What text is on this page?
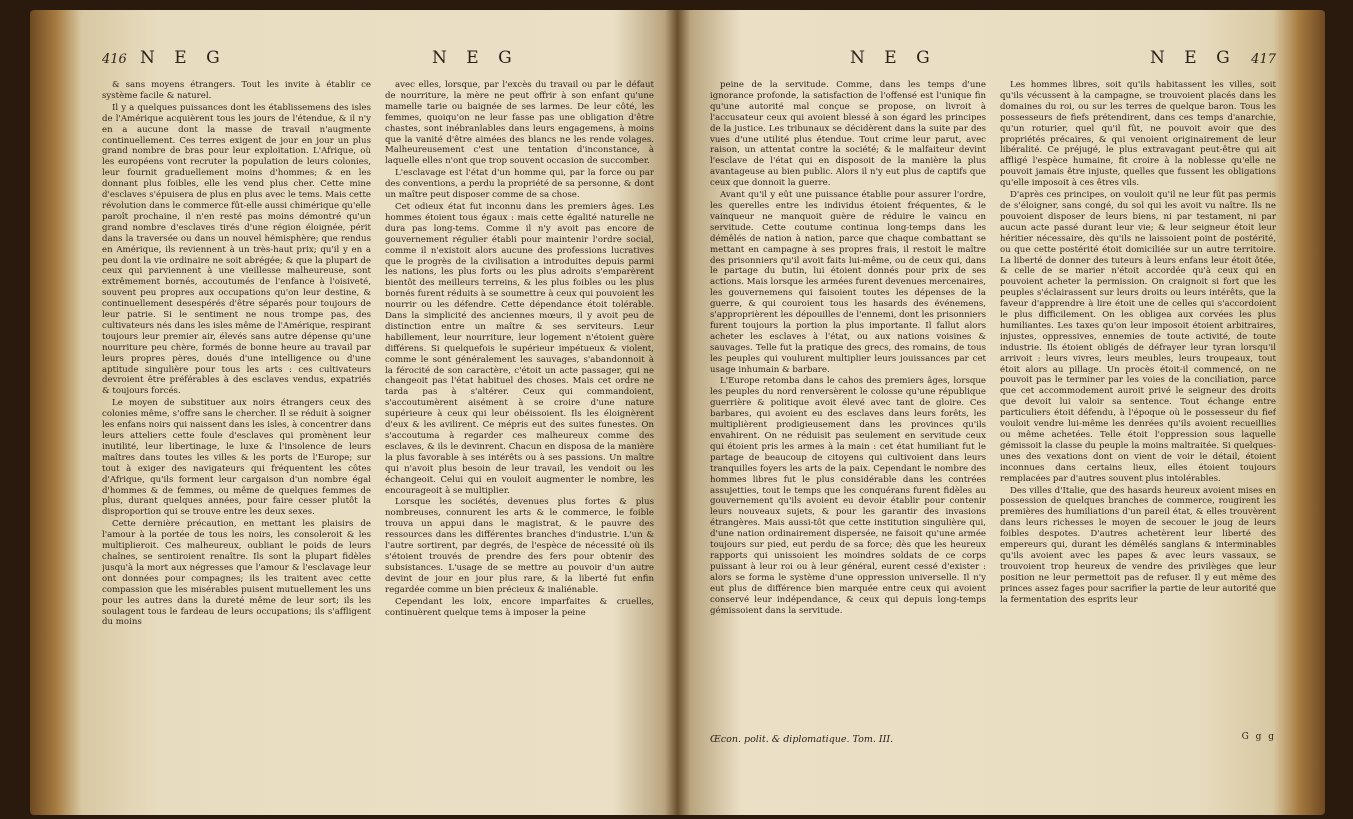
416 N E G	N E G

& sans moyens étrangers. Tout les invite à établir ce système facile & naturel.

Il y a quelques puissances dont les établissemens des isles de l'Amérique acquièrent tous les jours de l'étendue, & il n'y en a aucune dont la masse de travail n'augmente continuellement. Ces terres exigent de jour en jour un plus grand nombre de bras pour leur exploitation. L'Afrique, où les européens vont recruter la population de leurs colonies, leur fournit graduellement moins d'hommes; & en les donnant plus foibles, elle les vend plus cher. Cette mine d'esclaves s'épuisera de plus en plus avec le tems. Mais cette révolution dans le commerce fût-elle aussi chimérique qu'elle paroît prochaine, il n'en resté pas moins démontré qu'un grand nombre d'esclaves tirés d'une région éloignée, périt dans la traversée ou dans un nouvel hémisphère; que rendus en Amérique, ils reviennent à un très-haut prix; qu'il y en a peu dont la vie ordinaire ne soit abrégée; & que la plupart de ceux qui parviennent à une vieillesse malheureuse, sont extrêmement bornés, accoutumés de l'enfance à l'oisiveté, souvent peu propres aux occupations qu'on leur destine, & continuellement desespérés d'être séparés pour toujours de leur patrie. Si le sentiment ne nous trompe pas, des cultivateurs nés dans les isles même de l'Amérique, respirant toujours leur premier air, élevés sans autre dépense qu'une nourriture peu chère, formés de bonne heure au travail par leurs propres pères, doués d'une intelligence ou d'une aptitude singulière pour tous les arts : ces cultivateurs devroient être préférables à des esclaves vendus, expatriés & toujours forcés.

Le moyen de substituer aux noirs étrangers ceux des colonies même, s'offre sans le chercher. Il se réduit à soigner les enfans noirs qui naissent dans les isles, à concentrer dans leurs atteliers cette foule d'esclaves qui promènent leur inutilité, leur libertinage, le luxe & l'insolence de leurs maîtres dans toutes les villes & les ports de l'Europe; sur tout à exiger des navigateurs qui fréquentent les côtes d'Afrique, qu'ils forment leur cargaison d'un nombre égal d'hommes & de femmes, ou même de quelques femmes de plus, durant quelques années, pour faire cesser plutôt la disproportion qui se trouve entre les deux sexes.

Cette dernière précaution, en mettant les plaisirs de l'amour à la portée de tous les noirs, les consoleroit & les multiplieroit. Ces malheureux, oubliant le poids de leurs chaînes, se sentiroient renaître. Ils sont la plupart fidèles jusqu'à la mort aux négresses que l'amour & l'esclavage leur ont données pour compagnes; ils les traitent avec cette compassion que les misérables puisent mutuellement les uns pour les autres dans la dureté même de leur sort; ils les soulagent tous le fardeau de leurs occupations; ils s'affligent du moins

avec elles, lorsque, par l'excès du travail ou par le défaut de nourriture, la mère ne peut offrir à son enfant qu'une mamelle tarie ou baignée de ses larmes. De leur côté, les femmes, quoiqu'on ne leur fasse pas une obligation d'être chastes, sont inébranlables dans leurs engagemens, à moins que la vanité d'être aimées des blancs ne les rende volages. Malheureusement c'est une tentation d'inconstance, à laquelle elles n'ont que trop souvent occasion de succomber.

L'esclavage est l'état d'un homme qui, par la force ou par des conventions, a perdu la propriété de sa personne, & dont un maître peut disposer comme de sa chose.

Cet odieux état fut inconnu dans les premiers âges. Les hommes étoient tous égaux : mais cette égalité naturelle ne dura pas long-tems. Comme il n'y avoit pas encore de gouvernement régulier établi pour maintenir l'ordre social, comme il n'existoit alors aucune des professions lucratives que le progrès de la civilisation a introduites depuis parmi les nations, les plus forts ou les plus adroits s'emparèrent bientôt des meilleurs terreins, & les plus foibles ou les plus bornés furent réduits à se soumettre à ceux qui pouvoient les nourrir ou les défendre. Cette dépendance étoit tolérable. Dans la simplicité des anciennes mœurs, il y avoit peu de distinction entre un maître & ses serviteurs. Leur habillement, leur nourriture, leur logement n'étoient guère différens. Si quelquefois le supérieur impétueux & violent, comme le sont généralement les sauvages, s'abandonnoit à la férocité de son caractère, c'étoit un acte passager, qui ne changeoit pas l'état habituel des choses. Mais cet ordre ne tarda pas à s'altérer. Ceux qui commandoient, s'accoutumèrent aisément à se croire d'une nature supérieure à ceux qui leur obéissoient. Ils les éloignèrent d'eux & les avilirent. Ce mépris eut des suites funestes. On s'accoutuma à regarder ces malheureux comme des esclaves, & ils le devinrent. Chacun en disposa de la manière la plus favorable à ses intérêts ou à ses passions. Un maître qui n'avoit plus besoin de leur travail, les vendoit ou les échangeoit. Celui qui en vouloit augmenter le nombre, les encourageoit à se multiplier.

Lorsque les sociétés, devenues plus fortes & plus nombreuses, connurent les arts & le commerce, le foible trouva un appui dans le magistrat, & le pauvre des ressources dans les différentes branches d'industrie. L'un & l'autre sortirent, par degrés, de l'espèce de nécessité où ils s'étoient trouvés de prendre des fers pour obtenir des subsistances. L'usage de se mettre au pouvoir d'un autre devint de jour en jour plus rare, & la liberté fut enfin regardée comme un bien précieux & inaliénable.

Cependant les loix, encore imparfaites & cruelles, continuèrent quelque tems à imposer la peine

N E G	N E G 417

peine de la servitude. Comme, dans les temps d'une ignorance profonde, la satisfaction de l'offensé est l'unique fin qu'une autorité mal conçue se propose, on livroit à l'accusateur ceux qui avoient blessé à son égard les principes de la justice. Les tribunaux se décidèrent dans la suite par des vues d'une utilité plus étendue. Tout crime leur parut, avec raison, un attentat contre la société; & le malfaiteur devint l'esclave de l'état qui en disposoit de la manière la plus avantageuse au bien public. Alors il n'y eut plus de captifs que ceux que donnoit la guerre.

Avant qu'il y eût une puissance établie pour assurer l'ordre, les querelles entre les individus étoient fréquentes, & le vainqueur ne manquoit guère de réduire le vaincu en servitude. Cette coutume continua long-temps dans les démêlés de nation à nation, parce que chaque combattant se mettant en campagne à ses propres frais, il restoit le maître des prisonniers qu'il avoit faits lui-même, ou de ceux qui, dans le partage du butin, lui étoient donnés pour prix de ses actions. Mais lorsque les armées furent devenues mercenaires, les gouvernemens qui faisoient toutes les dépenses de la guerre, & qui couroient tous les hasards des événemens, s'approprièrent les dépouilles de l'ennemi, dont les prisonniers furent toujours la portion la plus importante. Il fallut alors acheter les esclaves à l'état, ou aux nations voisines & sauvages. Telle fut la pratique des grecs, des romains, de tous les peuples qui voulurent multiplier leurs jouissances par cet usage inhumain & barbare.

L'Europe retomba dans le cahos des premiers âges, lorsque les peuples du nord renversèrent le colosse qu'une république guerrière & politique avoit élevé avec tant de gloire. Ces barbares, qui avoient eu des esclaves dans leurs forêts, les multiplièrent prodigieusement dans les provinces qu'ils envahirent. On ne réduisit pas seulement en servitude ceux qui étoient pris les armes à la main : cet état humiliant fut le partage de beaucoup de citoyens qui cultivoient dans leurs tranquilles foyers les arts de la paix. Cependant le nombre des hommes libres fut le plus considérable dans les contrées assujetties, tout le temps que les conquérans furent fidèles au gouvernement qu'ils avoient eu devoir établir pour contenir leurs nouveaux sujets, & pour les garantir des invasions étrangères. Mais aussi-tôt que cette institution singulière qui, d'une nation ordinairement dispersée, ne faisoit qu'une armée toujours sur pied, eut perdu de sa force; dès que les heureux rapports qui unissoient les moindres soldats de ce corps puissant à leur roi ou à leur général, eurent cessé d'exister : alors se forma le système d'une oppression universelle. Il n'y eut plus de différence bien marquée entre ceux qui avoient conservé leur indépendance, & ceux qui depuis long-temps gémissoient dans la servitude.

Les hommes libres, soit qu'ils habitassent les villes, soit qu'ils vécussent à la campagne, se trouvoient placés dans les domaines du roi, ou sur les terres de quelque baron. Tous les possesseurs de fiefs prétendirent, dans ces temps d'anarchie, qu'un roturier, quel qu'il fût, ne pouvoit avoir que des propriétés précaires, & qui venoient originairement de leur libéralité. Ce préjugé, le plus extravagant peut-être qui ait affligé l'espèce humaine, fit croire à la noblesse qu'elle ne pouvoit jamais être injuste, quelles que fussent les obligations qu'elle imposoit à ces êtres vils.

D'après ces principes, on vouloit qu'il ne leur fût pas permis de s'éloigner, sans congé, du sol qui les avoit vu naître. Ils ne pouvoient disposer de leurs biens, ni par testament, ni par aucun acte passé durant leur vie; & leur seigneur étoit leur héritier nécessaire, dès qu'ils ne laissoient point de postérité, ou que cette postérité étoit domiciliée sur un autre territoire. La liberté de donner des tuteurs à leurs enfans leur étoit ôtée, & celle de se marier n'étoit accordée qu'à ceux qui en pouvoient acheter la permission. On craignoit si fort que les peuples s'éclairassent sur leurs droits ou leurs intérêts, que la faveur d'apprendre à lire étoit une de celles qui s'accordoient le plus difficilement. On les obligea aux corvées les plus humiliantes. Les taxes qu'on leur imposoit étoient arbitraires, injustes, oppressives, ennemies de toute activité, de toute industrie. Ils étoient obligés de défrayer leur tyran lorsqu'il arrivoit : leurs vivres, leurs meubles, leurs troupeaux, tout étoit alors au pillage. Un procès étoit-il commencé, on ne pouvoit pas le terminer par les voies de la conciliation, parce que cet accommodement auroit privé le seigneur des droits que devoit lui valoir sa sentence. Tout échange entre particuliers étoit défendu, à l'époque où le possesseur du fief vouloit vendre lui-même les denrées qu'ils avoient recueillies ou même achetées. Telle étoit l'oppression sous laquelle gémissoit la classe du peuple la moins maltraitée. Si quelques-unes des vexations dont on vient de voir le détail, étoient inconnues dans certains lieux, elles étoient toujours remplacées par d'autres souvent plus intolérables.

Des villes d'Italie, que des hasards heureux avoient mises en possession de quelques branches de commerce, rougirent les premières des humiliations d'un pareil état, & elles trouvèrent dans leurs richesses le moyen de secouer le joug de leurs foibles despotes. D'autres achetèrent leur liberté des empereurs qui, durant les démêlés sanglans & interminables qu'ils avoient avec les papes & avec leurs vassaux, se trouvoient trop heureux de vendre des privilèges que leur position ne leur permettoit pas de refuser. Il y eut même des princes assez fages pour sacrifier la partie de leur autorité que la fermentation des esprits leur

Œcon. polit. & diplomatique. Tom. III.	G g g
